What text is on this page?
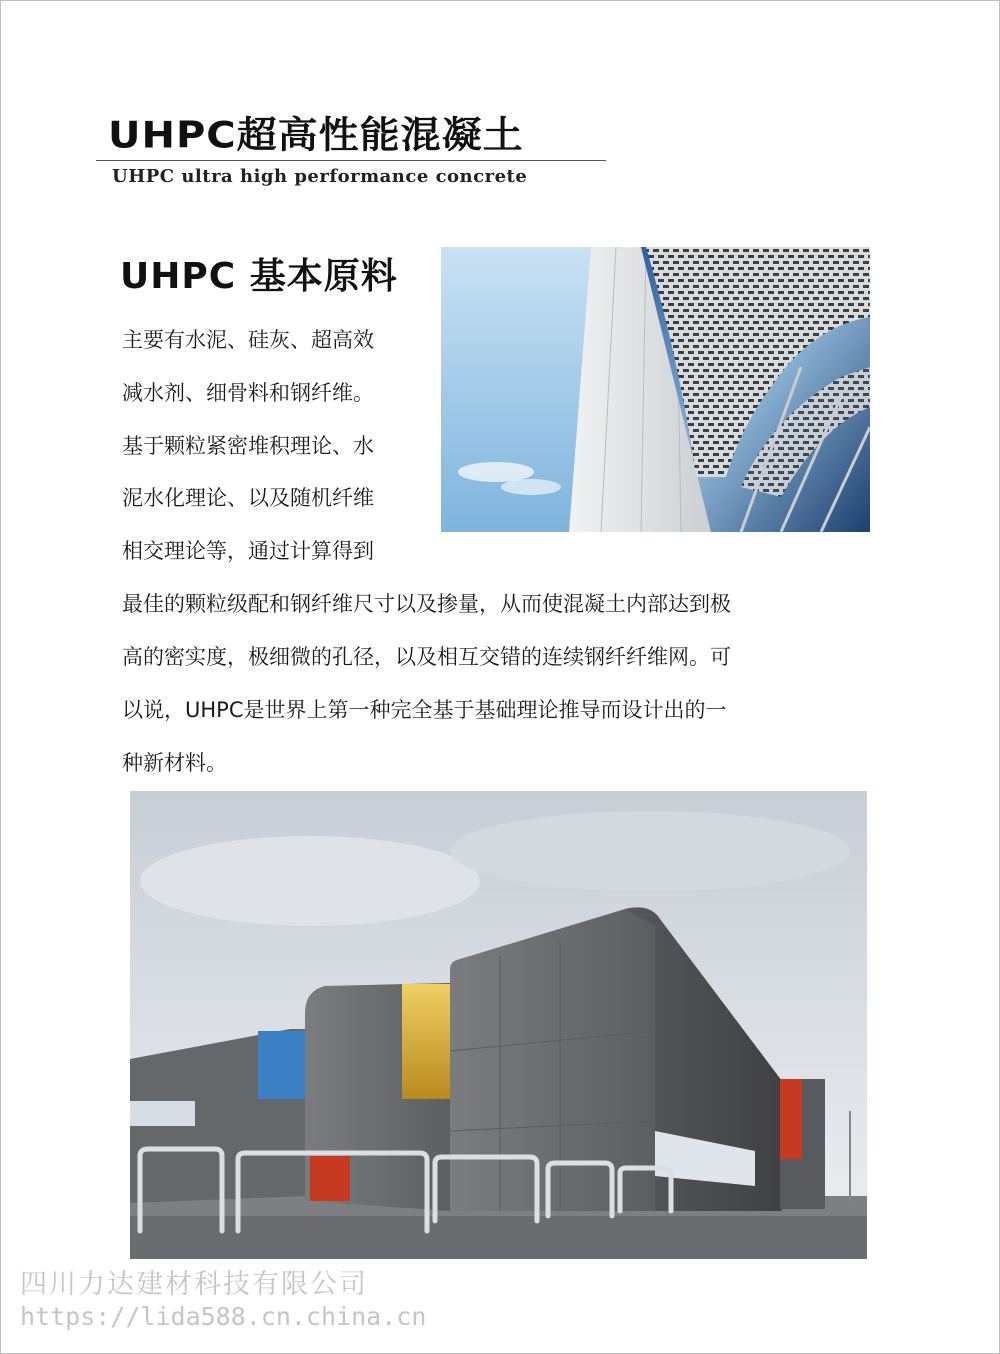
UHPC超高性能混凝土
UHPC ultra high performance concrete
UHPC 基本原料
主要有水泥、硅灰、超高效
减水剂、细骨料和钢纤维。
基于颗粒紧密堆积理论、水
泥水化理论、以及随机纤维
相交理论等，通过计算得到
最佳的颗粒级配和钢纤维尺寸以及掺量，从而使混凝土内部达到极
高的密实度，极细微的孔径，以及相互交错的连续钢纤纤维网。可
以说，UHPC是世界上第一种完全基于基础理论推导而设计出的一
种新材料。
四川力达建材科技有限公司
https://lida588.cn.china.cn
